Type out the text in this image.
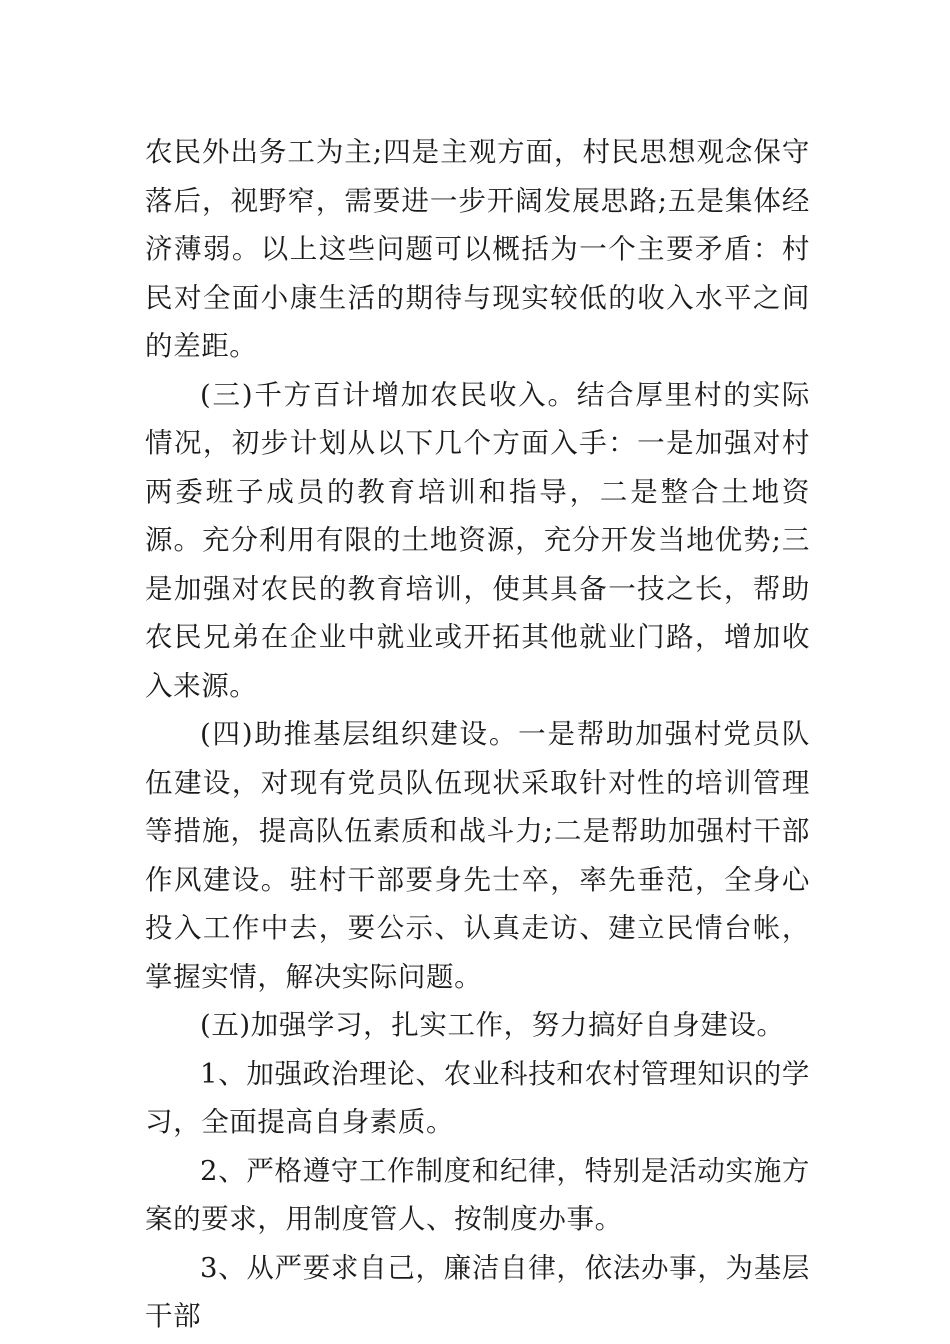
农民外出务工为主;四是主观方面，村民思想观念保守落后，视野窄，需要进一步开阔发展思路;五是集体经济薄弱。以上这些问题可以概括为一个主要矛盾：村民对全面小康生活的期待与现实较低的收入水平之间的差距。

(三)千方百计增加农民收入。结合厚里村的实际情况，初步计划从以下几个方面入手：一是加强对村两委班子成员的教育培训和指导，二是整合土地资源。充分利用有限的土地资源，充分开发当地优势;三是加强对农民的教育培训，使其具备一技之长，帮助农民兄弟在企业中就业或开拓其他就业门路，增加收入来源。

(四)助推基层组织建设。一是帮助加强村党员队伍建设，对现有党员队伍现状采取针对性的培训管理等措施，提高队伍素质和战斗力;二是帮助加强村干部作风建设。驻村干部要身先士卒，率先垂范，全身心投入工作中去，要公示、认真走访、建立民情台帐，掌握实情，解决实际问题。

(五)加强学习，扎实工作，努力搞好自身建设。

1、加强政治理论、农业科技和农村管理知识的学习，全面提高自身素质。

2、严格遵守工作制度和纪律，特别是活动实施方案的要求，用制度管人、按制度办事。

3、从严要求自己，廉洁自律，依法办事，为基层干部
